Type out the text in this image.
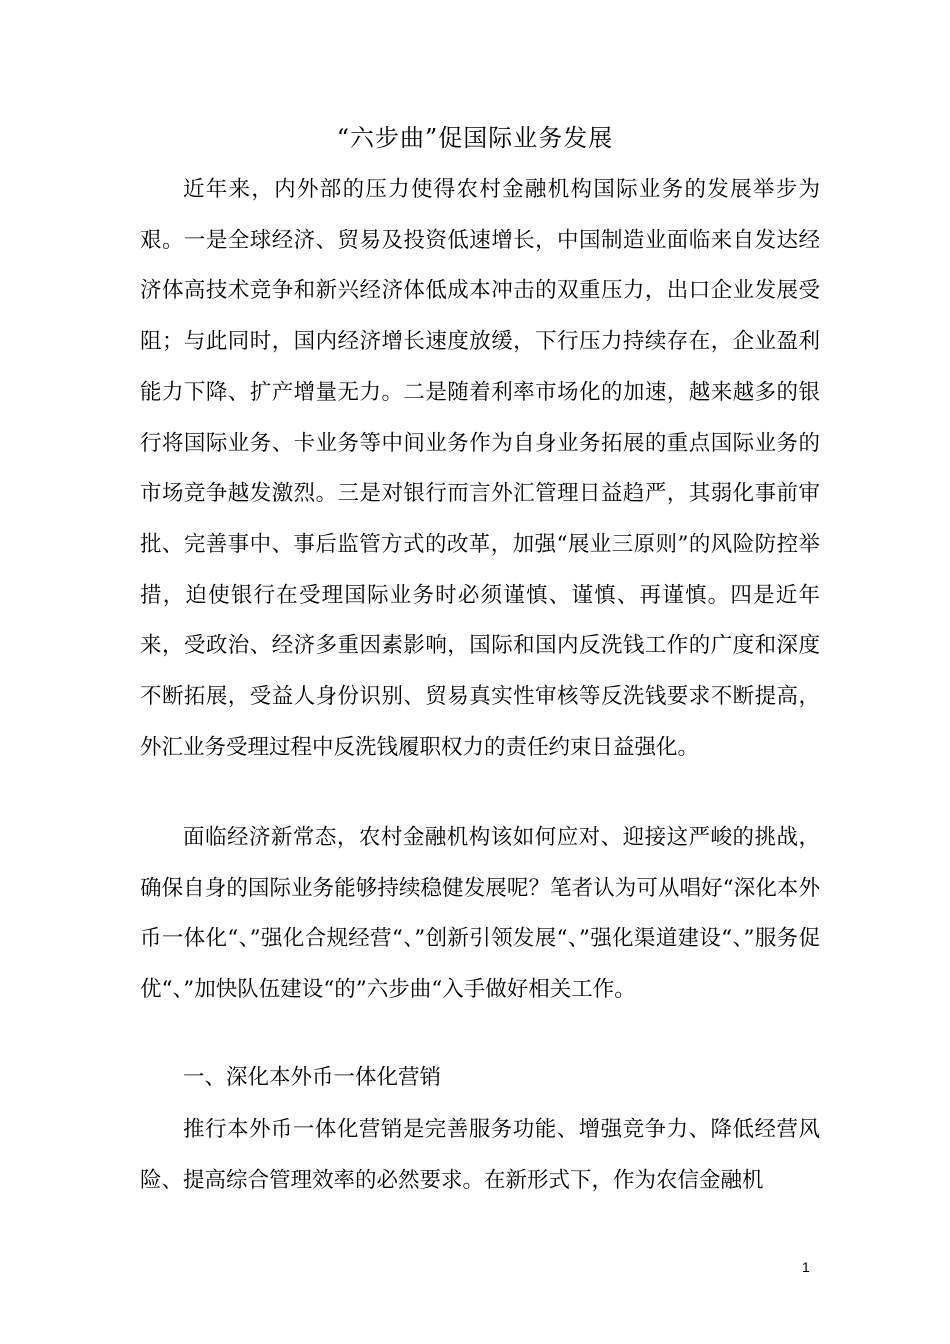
“六步曲”促国际业务发展

近年来，内外部的压力使得农村金融机构国际业务的发展举步为艰。一是全球经济、贸易及投资低速增长，中国制造业面临来自发达经济体高技术竞争和新兴经济体低成本冲击的双重压力，出口企业发展受阻；与此同时，国内经济增长速度放缓，下行压力持续存在，企业盈利能力下降、扩产增量无力。二是随着利率市场化的加速，越来越多的银行将国际业务、卡业务等中间业务作为自身业务拓展的重点国际业务的市场竞争越发激烈。三是对银行而言外汇管理日益趋严，其弱化事前审批、完善事中、事后监管方式的改革，加强“展业三原则”的风险防控举措，迫使银行在受理国际业务时必须谨慎、谨慎、再谨慎。四是近年来，受政治、经济多重因素影响，国际和国内反洗钱工作的广度和深度不断拓展，受益人身份识别、贸易真实性审核等反洗钱要求不断提高，外汇业务受理过程中反洗钱履职权力的责任约束日益强化。

面临经济新常态，农村金融机构该如何应对、迎接这严峻的挑战，确保自身的国际业务能够持续稳健发展呢？笔者认为可从唱好“深化本外币一体化“、”强化合规经营“、”创新引领发展“、”强化渠道建设“、”服务促优“、”加快队伍建设“的”六步曲“入手做好相关工作。

一、深化本外币一体化营销

推行本外币一体化营销是完善服务功能、增强竞争力、降低经营风险、提高综合管理效率的必然要求。在新形式下，作为农信金融机

1
